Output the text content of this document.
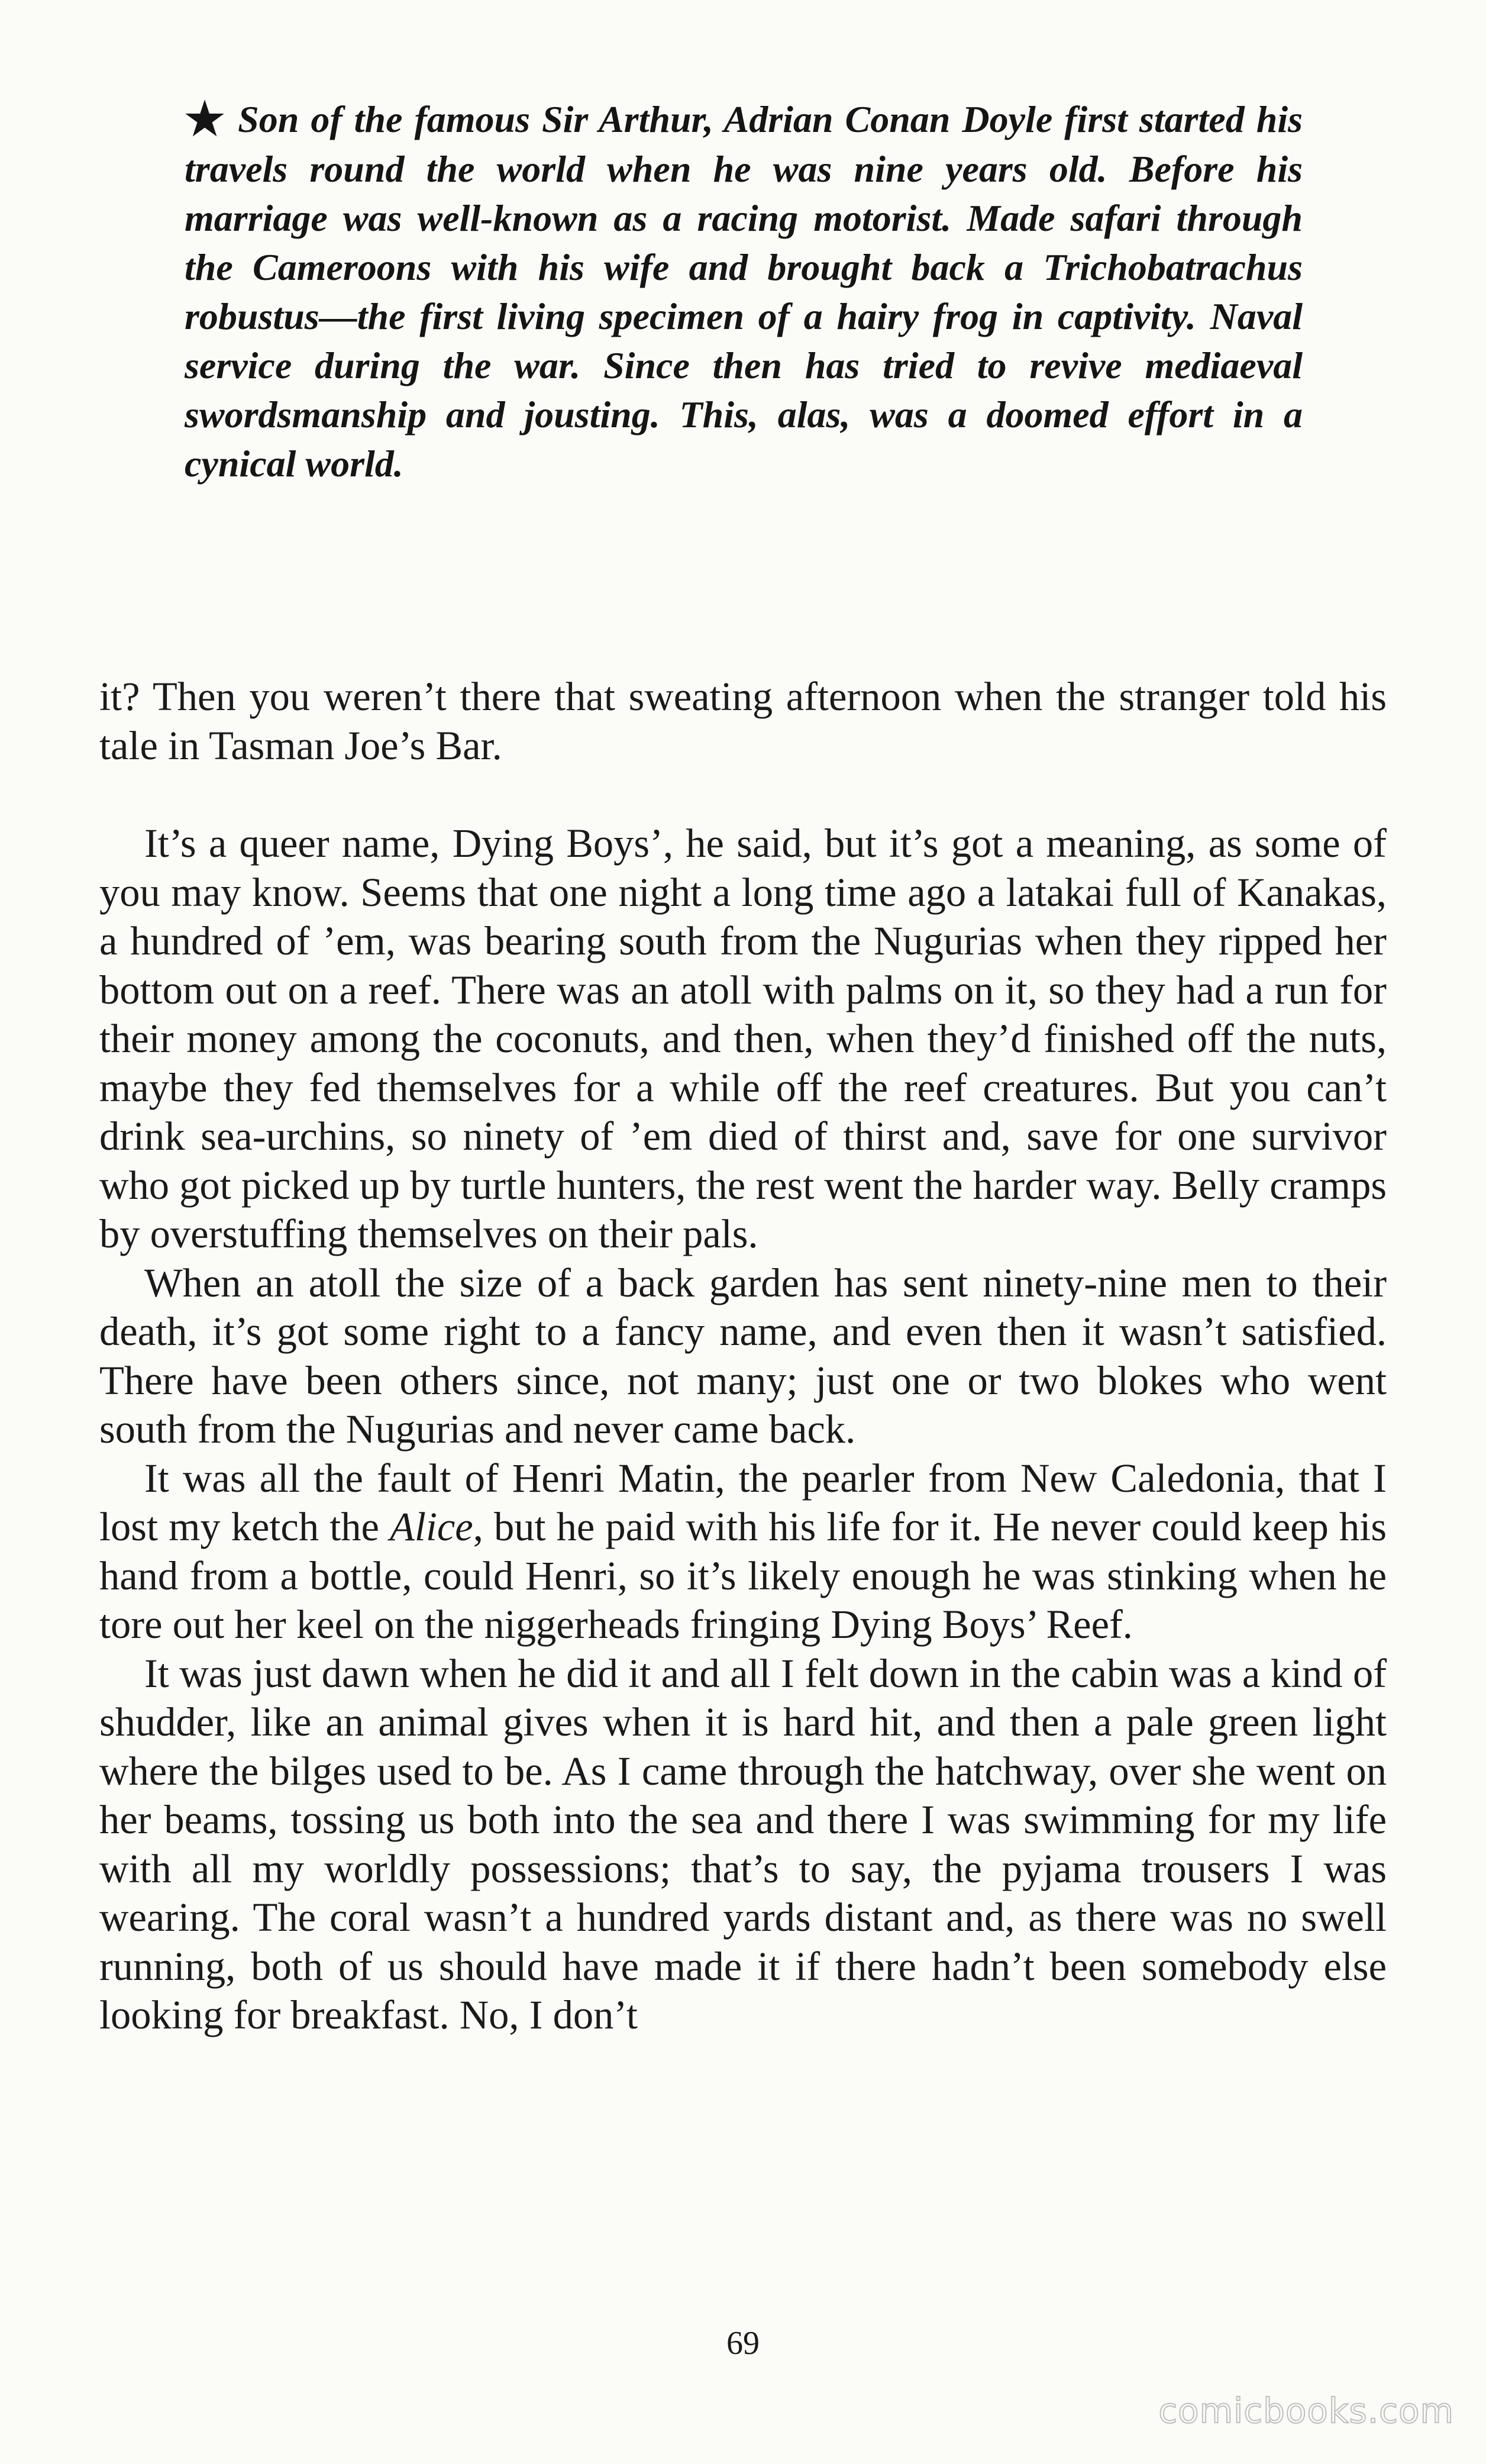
★ Son of the famous Sir Arthur, Adrian Conan Doyle first started his travels round the world when he was nine years old. Before his marriage was well-known as a racing motorist. Made safari through the Cameroons with his wife and brought back a Trichobatrachus robustus—the first living specimen of a hairy frog in captivity. Naval service during the war. Since then has tried to revive mediaeval swordsmanship and jousting. This, alas, was a doomed effort in a cynical world.

it? Then you weren’t there that sweating afternoon when the stranger told his tale in Tasman Joe’s Bar.

It’s a queer name, Dying Boys’, he said, but it’s got a meaning, as some of you may know. Seems that one night a long time ago a latakai full of Kanakas, a hundred of ’em, was bearing south from the Nugurias when they ripped her bottom out on a reef. There was an atoll with palms on it, so they had a run for their money among the coconuts, and then, when they’d finished off the nuts, maybe they fed themselves for a while off the reef creatures. But you can’t drink sea-urchins, so ninety of ’em died of thirst and, save for one survivor who got picked up by turtle hunters, the rest went the harder way. Belly cramps by overstuffing themselves on their pals.

When an atoll the size of a back garden has sent ninety-nine men to their death, it’s got some right to a fancy name, and even then it wasn’t satisfied. There have been others since, not many; just one or two blokes who went south from the Nugurias and never came back.

It was all the fault of Henri Matin, the pearler from New Caledonia, that I lost my ketch the Alice, but he paid with his life for it. He never could keep his hand from a bottle, could Henri, so it’s likely enough he was stinking when he tore out her keel on the niggerheads fringing Dying Boys’ Reef.

It was just dawn when he did it and all I felt down in the cabin was a kind of shudder, like an animal gives when it is hard hit, and then a pale green light where the bilges used to be. As I came through the hatchway, over she went on her beams, tossing us both into the sea and there I was swimming for my life with all my worldly possessions; that’s to say, the pyjama trousers I was wearing. The coral wasn’t a hundred yards distant and, as there was no swell running, both of us should have made it if there hadn’t been somebody else looking for breakfast. No, I don’t

69
comicbooks.com
